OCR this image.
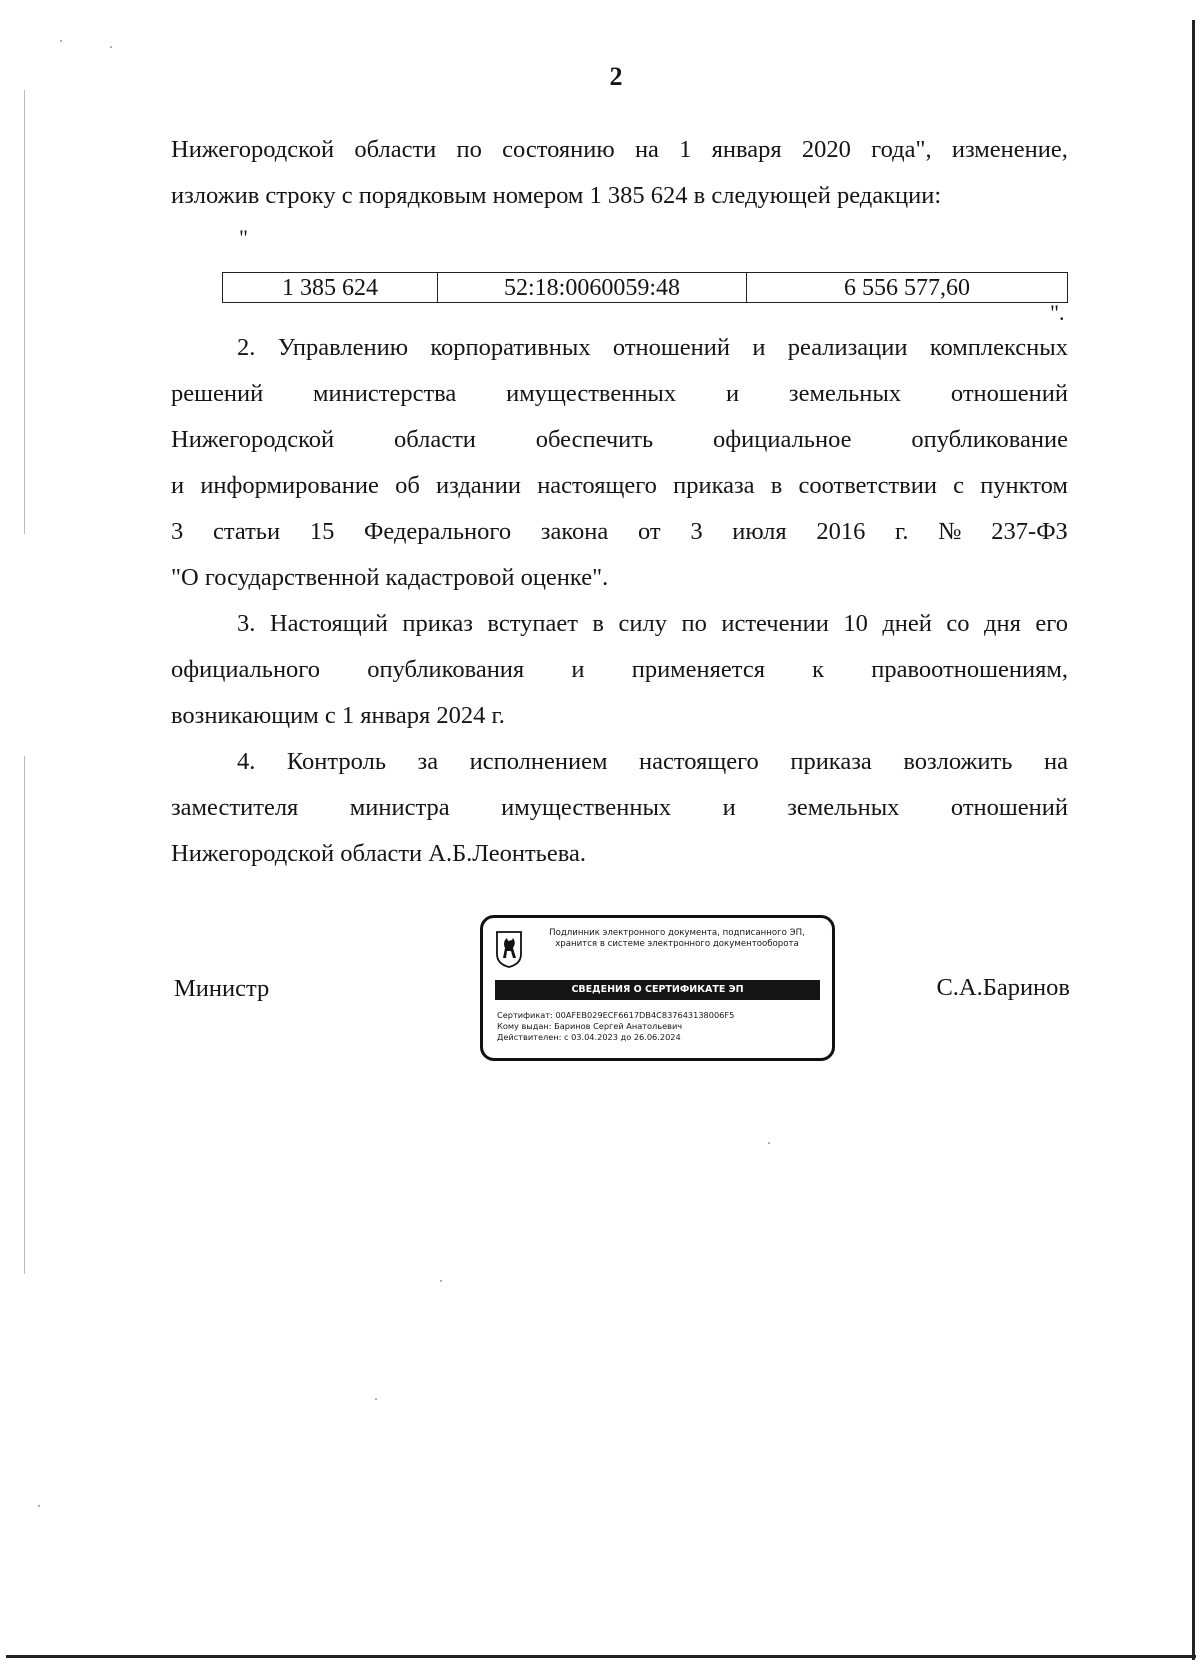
2
Нижегородской области по состоянию на 1 января 2020 года", изменение,
изложив строку с порядковым номером 1 385 624 в следующей редакции:
"
1 385 624	52:18:0060059:48	6 556 577,60
".
2. Управлению корпоративных отношений и реализации комплексных
решений министерства имущественных и земельных отношений
Нижегородской области обеспечить официальное опубликование
и информирование об издании настоящего приказа в соответствии с пунктом
3 статьи 15 Федерального закона от 3 июля 2016 г. № 237-ФЗ
"О государственной кадастровой оценке".
3. Настоящий приказ вступает в силу по истечении 10 дней со дня его
официального опубликования и применяется к правоотношениям,
возникающим с 1 января 2024 г.
4. Контроль за исполнением настоящего приказа возложить на
заместителя министра имущественных и земельных отношений
Нижегородской области А.Б.Леонтьева.
Министр	С.А.Баринов
Подлинник электронного документа, подписанного ЭП,
хранится в системе электронного документооборота
СВЕДЕНИЯ О СЕРТИФИКАТЕ ЭП
Сертификат: 00AFEB029ECF6617DB4C837643138006F5
Кому выдан: Баринов Сергей Анатольевич
Действителен: с 03.04.2023 до 26.06.2024
